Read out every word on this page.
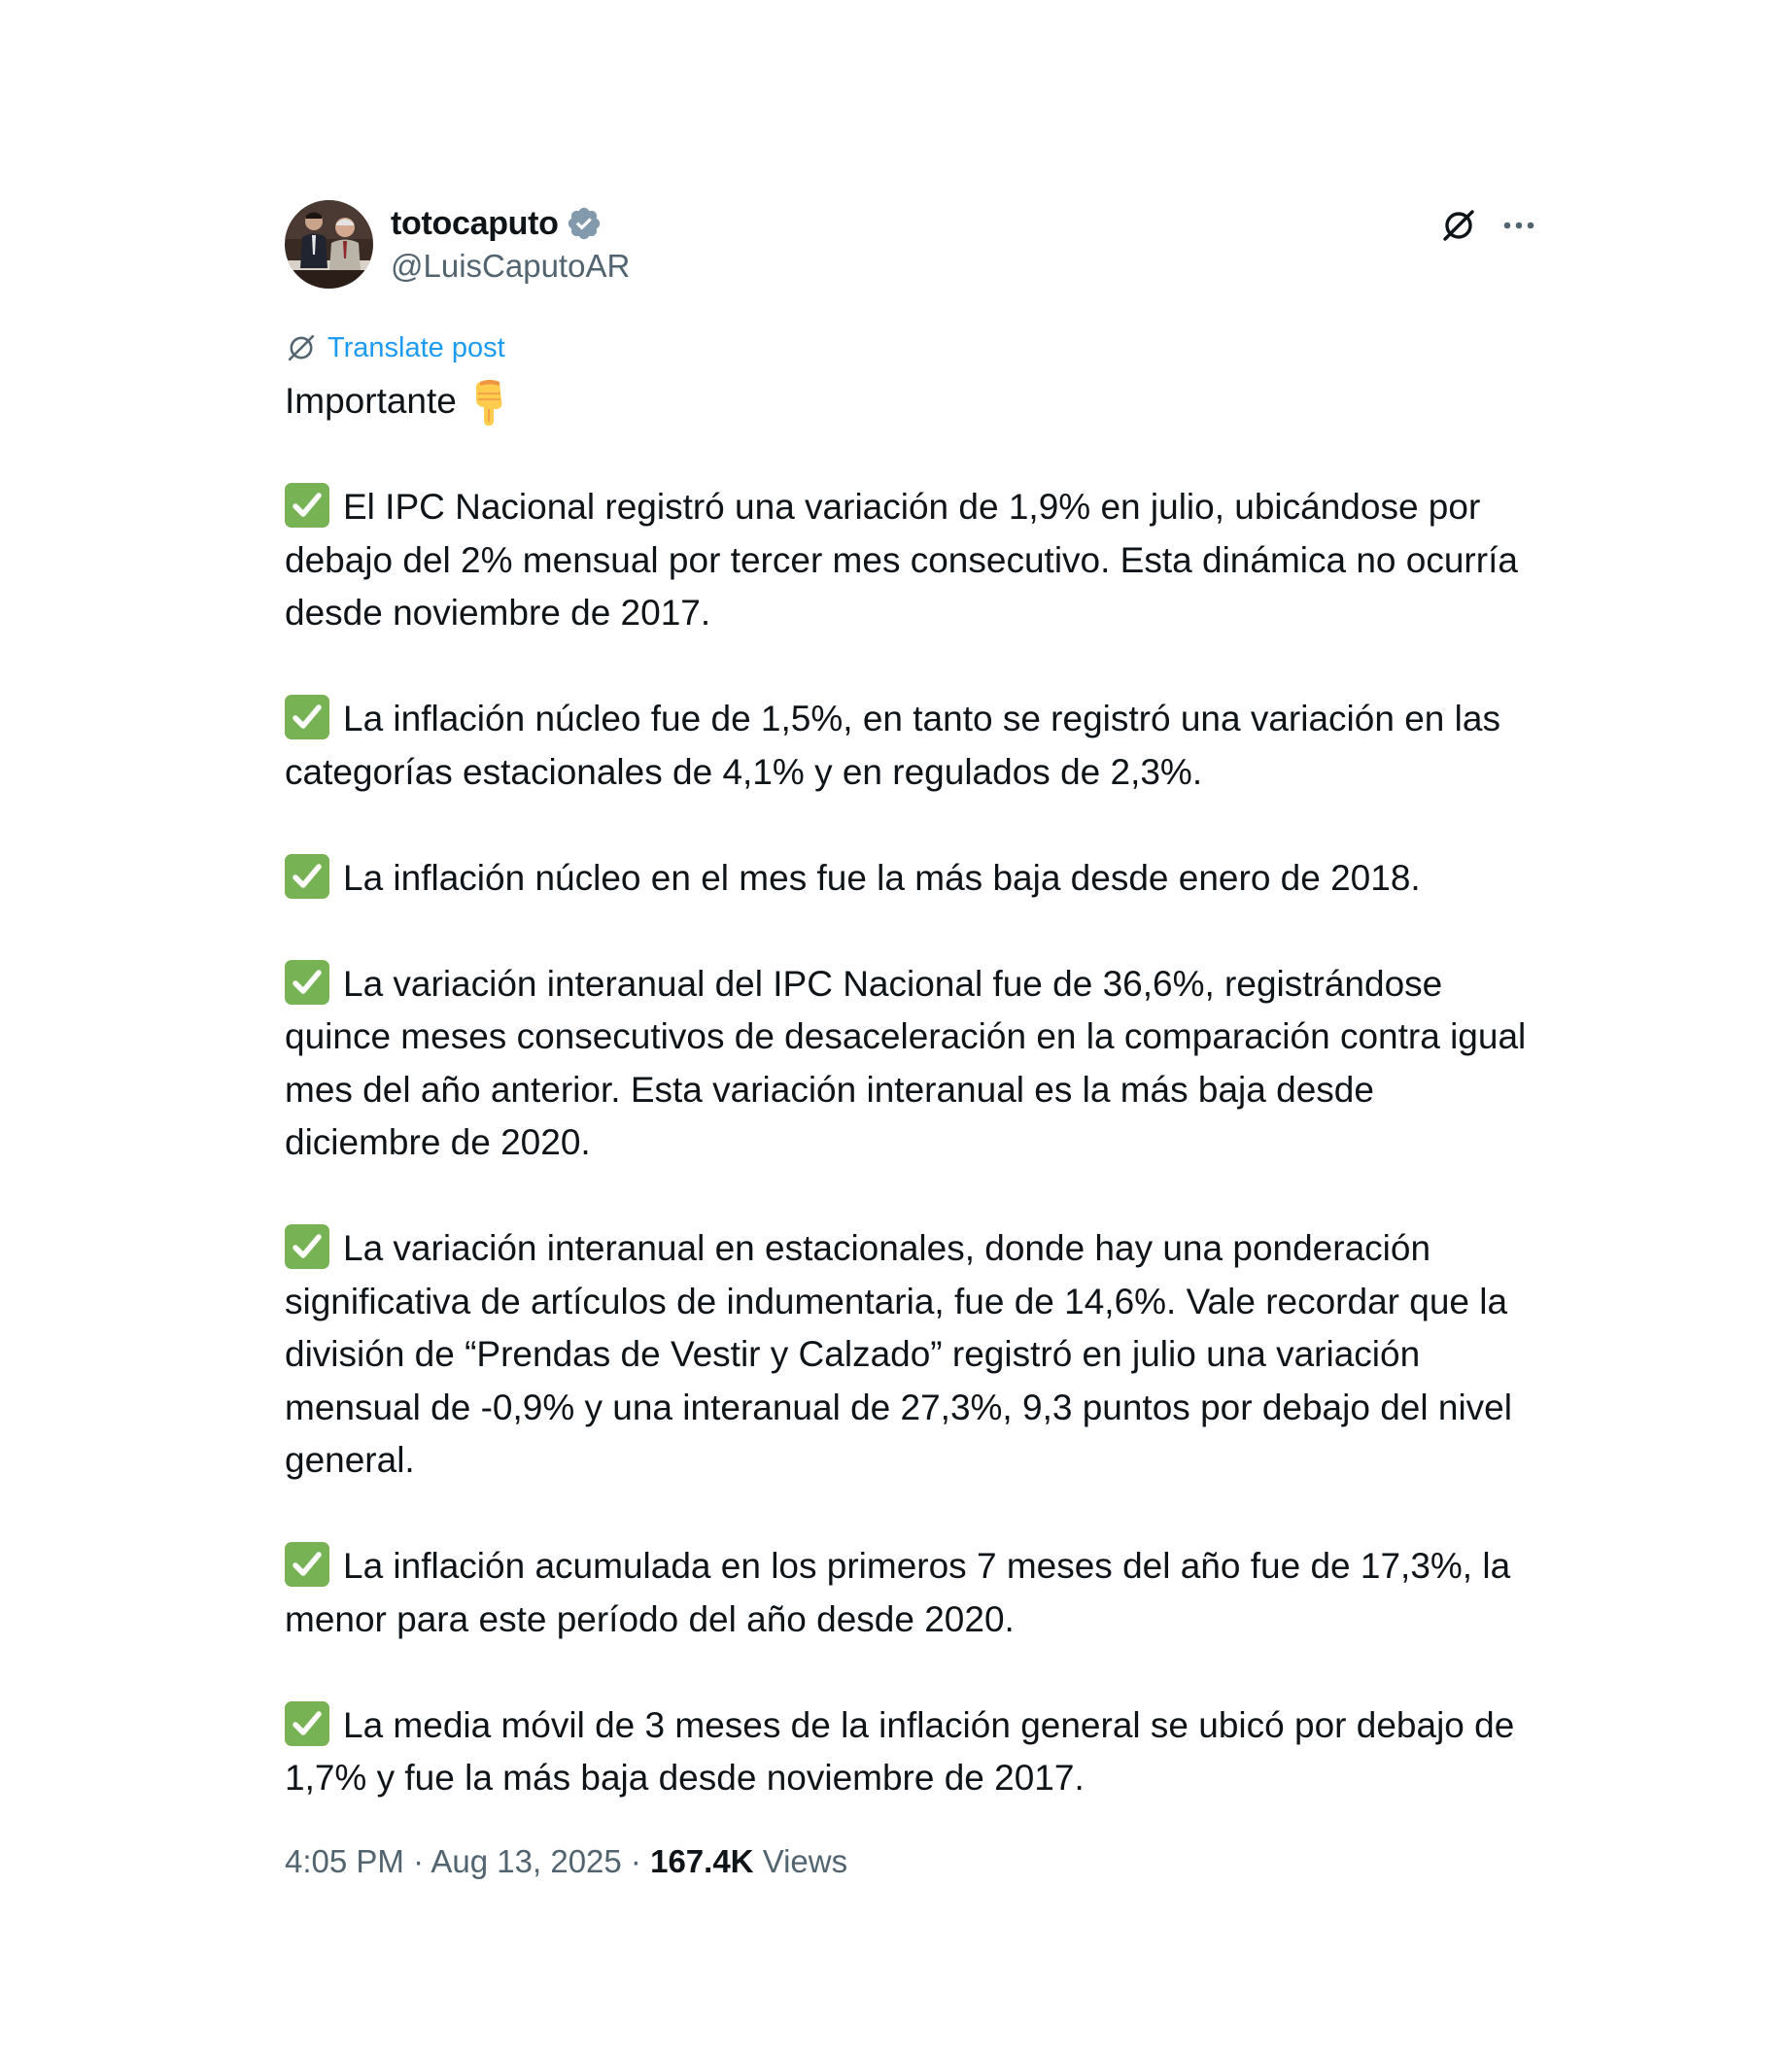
totocaputo
@LuisCaputoAR
Translate post

Importante

El IPC Nacional registró una variación de 1,9% en julio, ubicándose por debajo del 2% mensual por tercer mes consecutivo. Esta dinámica no ocurría desde noviembre de 2017.

La inflación núcleo fue de 1,5%, en tanto se registró una variación en las categorías estacionales de 4,1% y en regulados de 2,3%.

La inflación núcleo en el mes fue la más baja desde enero de 2018.

La variación interanual del IPC Nacional fue de 36,6%, registrándose quince meses consecutivos de desaceleración en la comparación contra igual mes del año anterior. Esta variación interanual es la más baja desde diciembre de 2020.

La variación interanual en estacionales, donde hay una ponderación significativa de artículos de indumentaria, fue de 14,6%. Vale recordar que la división de “Prendas de Vestir y Calzado” registró en julio una variación mensual de -0,9% y una interanual de 27,3%, 9,3 puntos por debajo del nivel general.

La inflación acumulada en los primeros 7 meses del año fue de 17,3%, la menor para este período del año desde 2020.

La media móvil de 3 meses de la inflación general se ubicó por debajo de 1,7% y fue la más baja desde noviembre de 2017.

4:05 PM · Aug 13, 2025 · 167.4K Views
